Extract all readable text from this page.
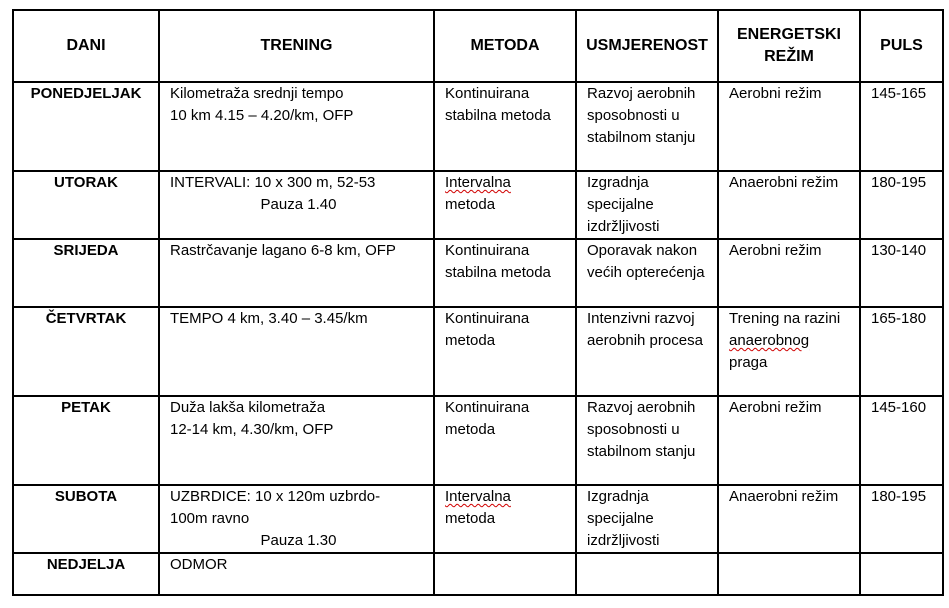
DANI	TRENING	METODA	USMJERENOST	ENERGETSKI REŽIM	PULS
PONEDJELJAK	Kilometraža srednji tempo
10 km 4.15 – 4.20/km, OFP	Kontinuirana stabilna metoda	Razvoj aerobnih sposobnosti u stabilnom stanju	Aerobni režim	145-165
UTORAK	INTERVALI: 10 x 300 m, 52-53
Pauza 1.40	Intervalna
metoda	Izgradnja specijalne izdržljivosti	Anaerobni režim	180-195
SRIJEDA	Rastrčavanje lagano 6-8 km, OFP	Kontinuirana stabilna metoda	Oporavak nakon većih opterećenja	Aerobni režim	130-140
ČETVRTAK	TEMPO 4 km, 3.40 – 3.45/km	Kontinuirana metoda	Intenzivni razvoj aerobnih procesa	Trening na razini
anaerobnog
praga	165-180
PETAK	Duža lakša kilometraža
12-14 km, 4.30/km, OFP	Kontinuirana metoda	Razvoj aerobnih sposobnosti u stabilnom stanju	Aerobni režim	145-160
SUBOTA	UZBRDICE: 10 x 120m uzbrdo-
100m ravno
Pauza 1.30	Intervalna
metoda	Izgradnja specijalne izdržljivosti	Anaerobni režim	180-195
NEDJELJA	ODMOR				
